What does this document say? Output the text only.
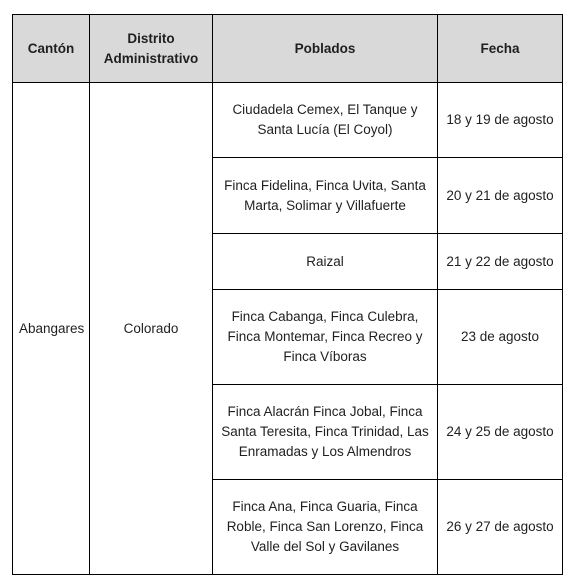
Cantón	Distrito Administrativo	Poblados	Fecha
Abangares	Colorado	Ciudadela Cemex, El Tanque y Santa Lucía (El Coyol)	18 y 19 de agosto
		Finca Fidelina, Finca Uvita, Santa Marta, Solimar y Villafuerte	20 y 21 de agosto
		Raizal	21 y 22 de agosto
		Finca Cabanga, Finca Culebra, Finca Montemar, Finca Recreo y Finca Víboras	23 de agosto
		Finca Alacrán Finca Jobal, Finca Santa Teresita, Finca Trinidad, Las Enramadas y Los Almendros	24 y 25 de agosto
		Finca Ana, Finca Guaria, Finca Roble, Finca San Lorenzo, Finca Valle del Sol y Gavilanes	26 y 27 de agosto
